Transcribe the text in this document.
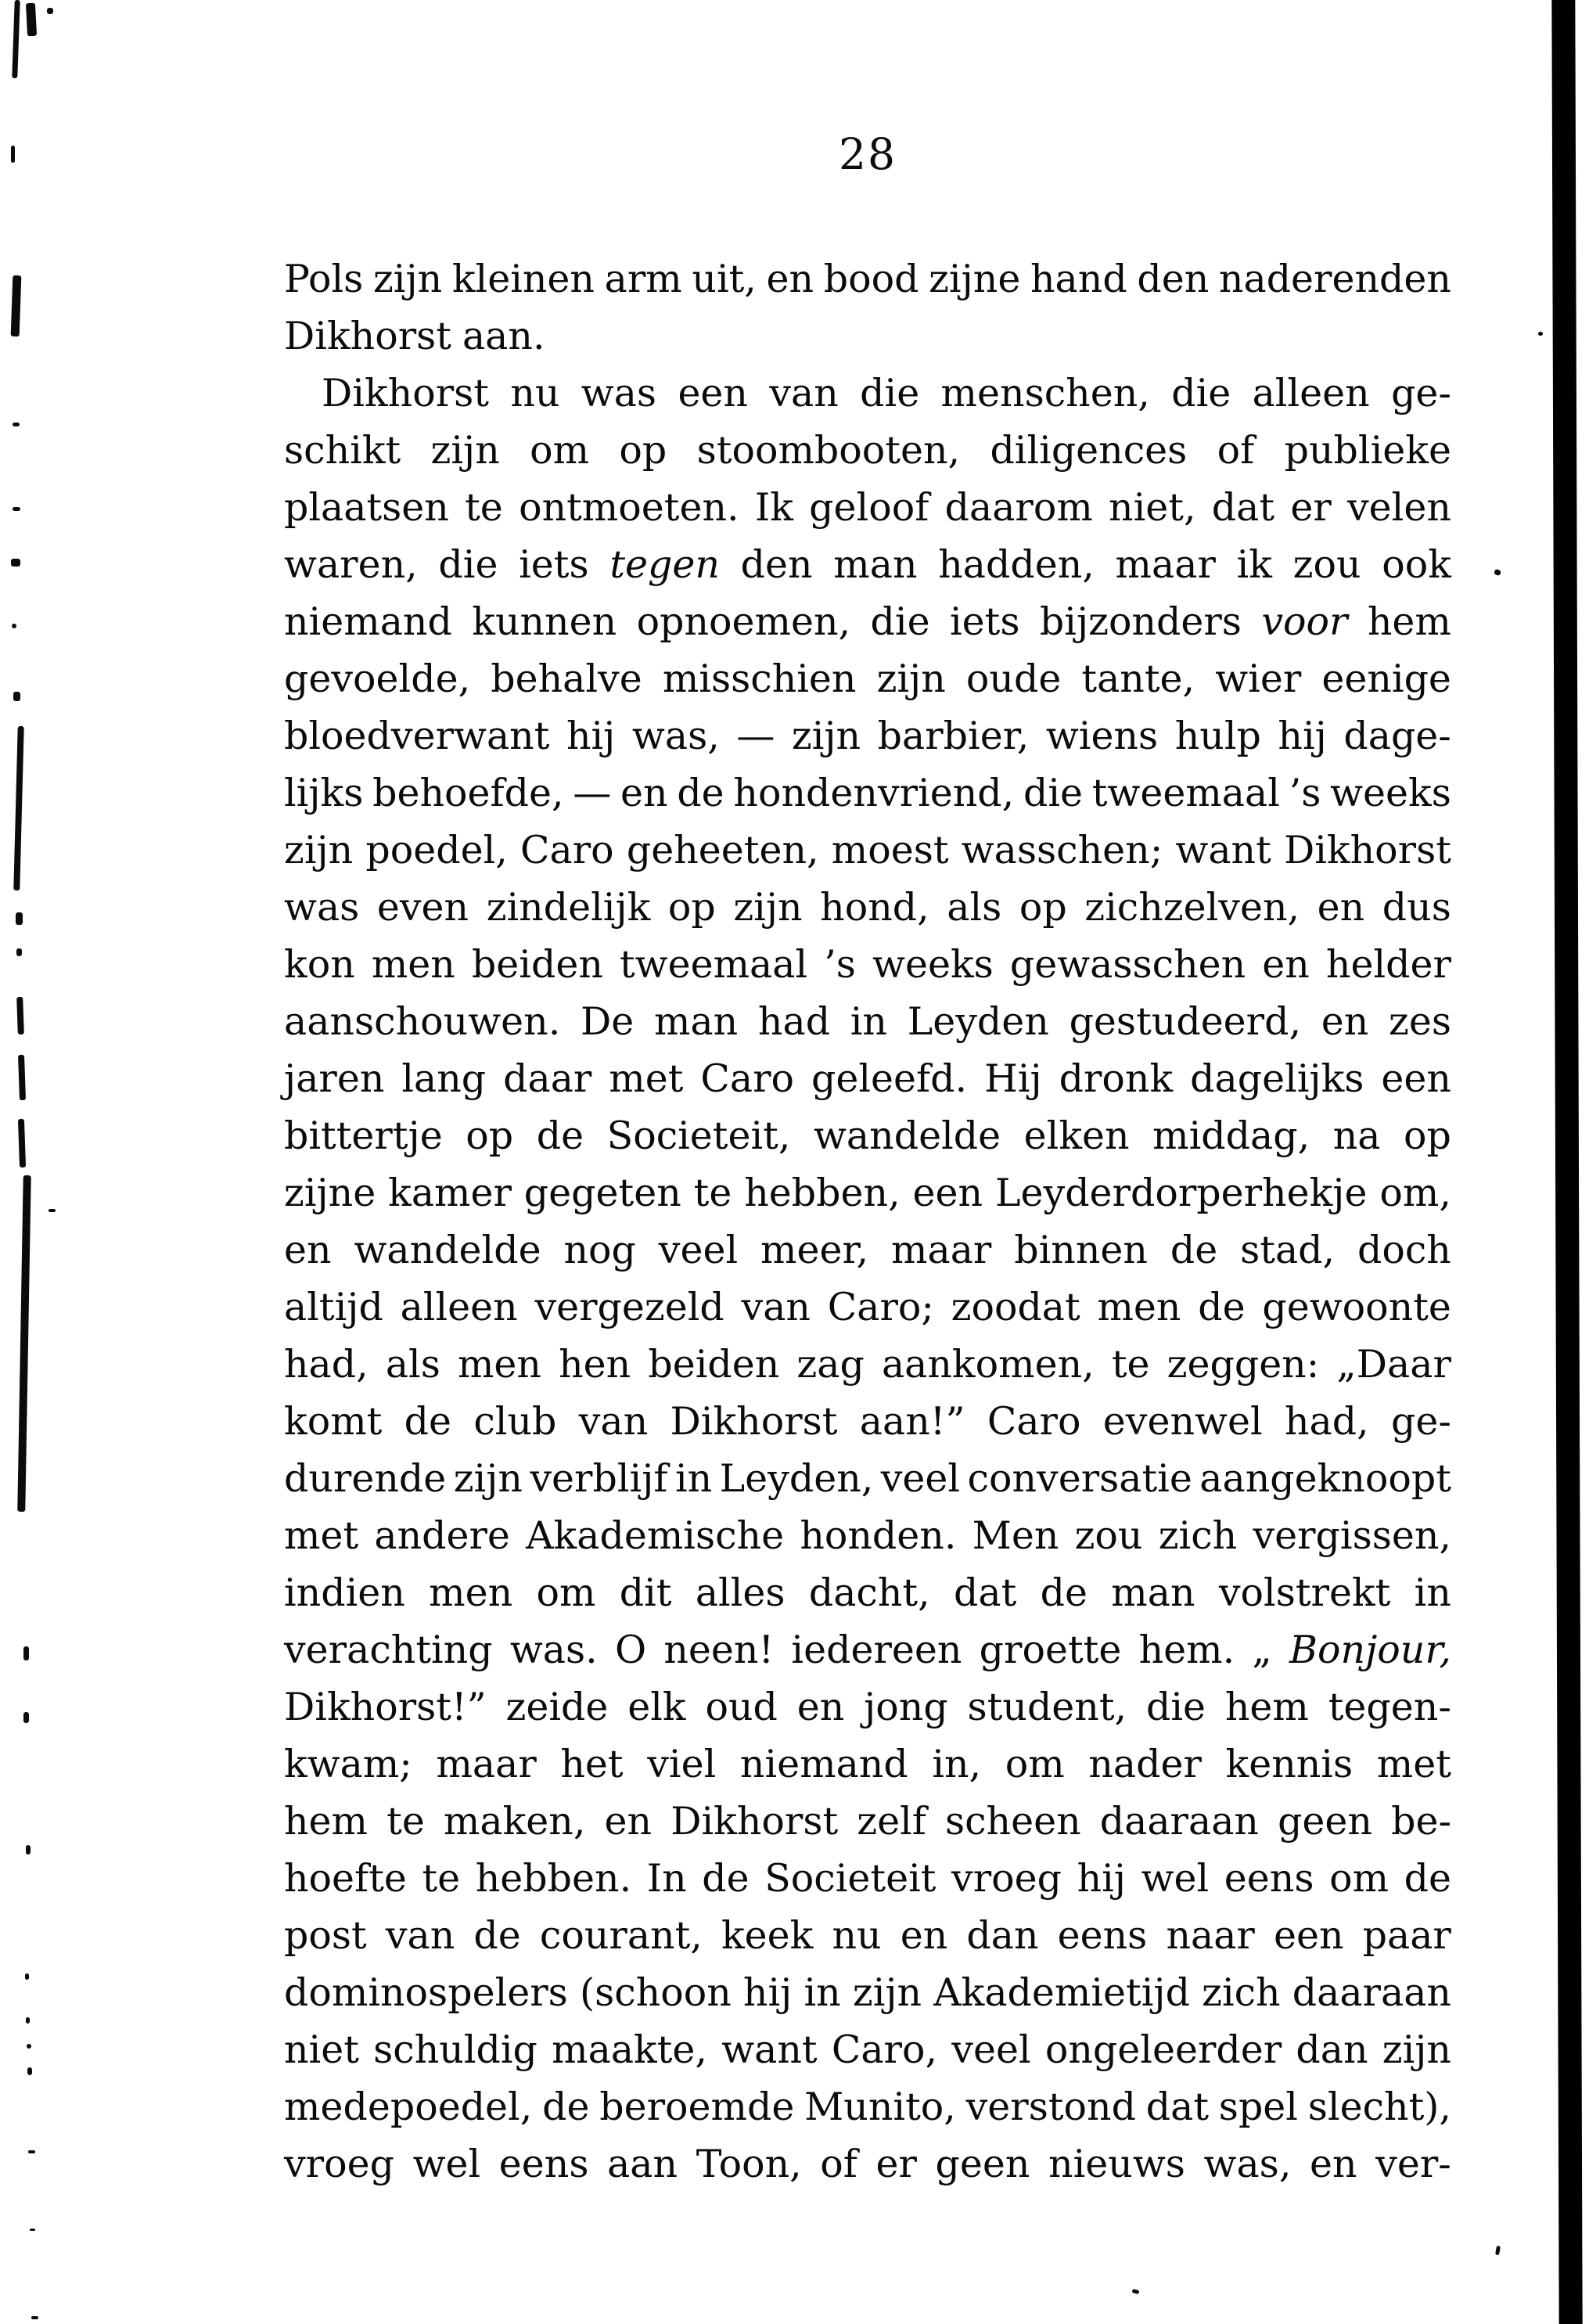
28
Pols zijn kleinen arm uit, en bood zijne hand den naderenden
Dikhorst aan.
Dikhorst nu was een van die menschen, die alleen ge-
schikt zijn om op stoombooten, diligences of publieke
plaatsen te ontmoeten. Ik geloof daarom niet, dat er velen
waren, die iets tegen den man hadden, maar ik zou ook
niemand kunnen opnoemen, die iets bijzonders voor hem
gevoelde, behalve misschien zijn oude tante, wier eenige
bloedverwant hij was, — zijn barbier, wiens hulp hij dage-
lijks behoefde, — en de hondenvriend, die tweemaal ’s weeks
zijn poedel, Caro geheeten, moest wasschen; want Dikhorst
was even zindelijk op zijn hond, als op zichzelven, en dus
kon men beiden tweemaal ’s weeks gewasschen en helder
aanschouwen. De man had in Leyden gestudeerd, en zes
jaren lang daar met Caro geleefd. Hij dronk dagelijks een
bittertje op de Societeit, wandelde elken middag, na op
zijne kamer gegeten te hebben, een Leyderdorperhekje om,
en wandelde nog veel meer, maar binnen de stad, doch
altijd alleen vergezeld van Caro; zoodat men de gewoonte
had, als men hen beiden zag aankomen, te zeggen: „Daar
komt de club van Dikhorst aan!” Caro evenwel had, ge-
durende zijn verblijf in Leyden, veel conversatie aangeknoopt
met andere Akademische honden. Men zou zich vergissen,
indien men om dit alles dacht, dat de man volstrekt in
verachting was. O neen! iedereen groette hem. „ Bonjour,
Dikhorst!” zeide elk oud en jong student, die hem tegen-
kwam; maar het viel niemand in, om nader kennis met
hem te maken, en Dikhorst zelf scheen daaraan geen be-
hoefte te hebben. In de Societeit vroeg hij wel eens om de
post van de courant, keek nu en dan eens naar een paar
dominospelers (schoon hij in zijn Akademietijd zich daaraan
niet schuldig maakte, want Caro, veel ongeleerder dan zijn
medepoedel, de beroemde Munito, verstond dat spel slecht),
vroeg wel eens aan Toon, of er geen nieuws was, en ver-
